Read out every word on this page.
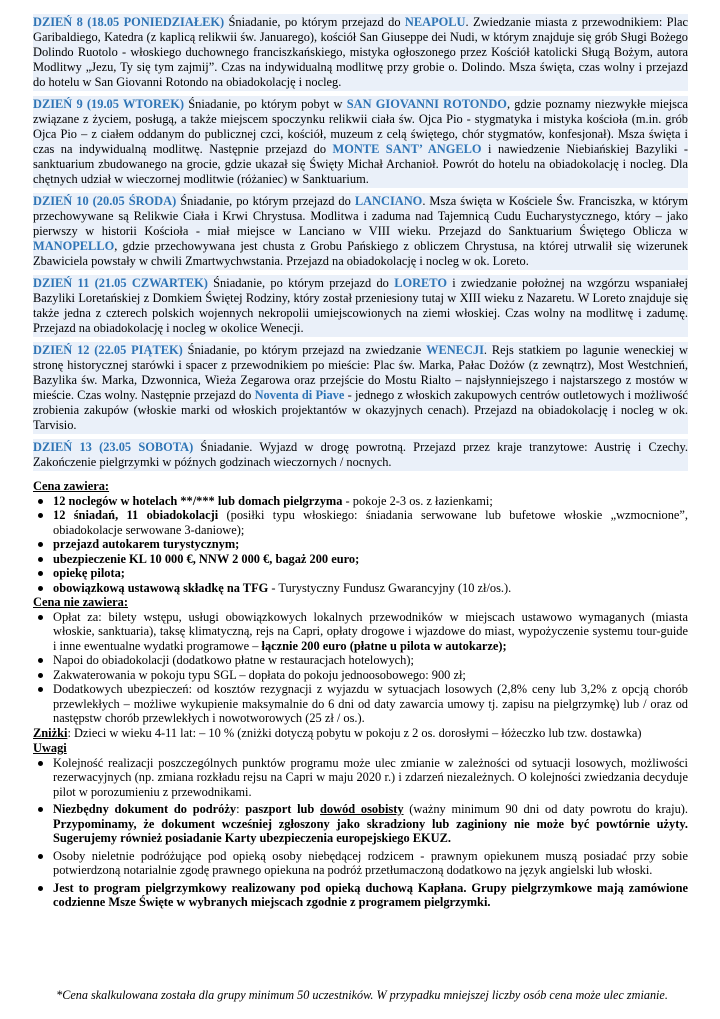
DZIEŃ 8 (18.05 PONIEDZIAŁEK) Śniadanie, po którym przejazd do NEAPOLU. Zwiedzanie miasta z przewodnikiem: Plac Garibaldiego, Katedra (z kaplicą relikwii św. Januarego), kościół San Giuseppe dei Nudi, w którym znajduje się grób Sługi Bożego Dolindo Ruotolo - włoskiego duchownego franciszkańskiego, mistyka ogłoszonego przez Kościół katolicki Sługą Bożym, autora Modlitwy „Jezu, Ty się tym zajmij”. Czas na indywidualną modlitwę przy grobie o. Dolindo. Msza święta, czas wolny i przejazd do hotelu w San Giovanni Rotondo na obiadokolację i nocleg.

DZIEŃ 9 (19.05 WTOREK) Śniadanie, po którym pobyt w SAN GIOVANNI ROTONDO, gdzie poznamy niezwykłe miejsca związane z życiem, posługą, a także miejscem spoczynku relikwii ciała św. Ojca Pio - stygmatyka i mistyka kościoła (m.in. grób Ojca Pio – z ciałem oddanym do publicznej czci, kościół, muzeum z celą świętego, chór stygmatów, konfesjonał). Msza święta i czas na indywidualną modlitwę. Następnie przejazd do MONTE SANT’ ANGELO i nawiedzenie Niebiańskiej Bazyliki - sanktuarium zbudowanego na grocie, gdzie ukazał się Święty Michał Archanioł. Powrót do hotelu na obiadokolację i nocleg. Dla chętnych udział w wieczornej modlitwie (różaniec) w Sanktuarium.

DZIEŃ 10 (20.05 ŚRODA) Śniadanie, po którym przejazd do LANCIANO. Msza święta w Kościele Św. Franciszka, w którym przechowywane są Relikwie Ciała i Krwi Chrystusa. Modlitwa i zaduma nad Tajemnicą Cudu Eucharystycznego, który – jako pierwszy w historii Kościoła - miał miejsce w Lanciano w VIII wieku. Przejazd do Sanktuarium Świętego Oblicza w MANOPELLO, gdzie przechowywana jest chusta z Grobu Pańskiego z obliczem Chrystusa, na której utrwalił się wizerunek Zbawiciela powstały w chwili Zmartwychwstania. Przejazd na obiadokolację i nocleg w ok. Loreto.

DZIEŃ 11 (21.05 CZWARTEK) Śniadanie, po którym przejazd do LORETO i zwiedzanie położnej na wzgórzu wspaniałej Bazyliki Loretańskiej z Domkiem Świętej Rodziny, który został przeniesiony tutaj w XIII wieku z Nazaretu. W Loreto znajduje się także jedna z czterech polskich wojennych nekropolii umiejscowionych na ziemi włoskiej. Czas wolny na modlitwę i zadumę. Przejazd na obiadokolację i nocleg w okolice Wenecji.

DZIEŃ 12 (22.05 PIĄTEK) Śniadanie, po którym przejazd na zwiedzanie WENECJI. Rejs statkiem po lagunie weneckiej w stronę historycznej starówki i spacer z przewodnikiem po mieście: Plac św. Marka, Pałac Dożów (z zewnątrz), Most Westchnień, Bazylika św. Marka, Dzwonnica, Wieża Zegarowa oraz przejście do Mostu Rialto – najsłynniejszego i najstarszego z mostów w mieście. Czas wolny. Następnie przejazd do Noventa di Piave - jednego z włoskich zakupowych centrów outletowych i możliwość zrobienia zakupów (włoskie marki od włoskich projektantów w okazyjnych cenach). Przejazd na obiadokolację i nocleg w ok. Tarvisio.

DZIEŃ 13 (23.05 SOBOTA) Śniadanie. Wyjazd w drogę powrotną. Przejazd przez kraje tranzytowe: Austrię i Czechy. Zakończenie pielgrzymki w późnych godzinach wieczornych / nocnych.

Cena zawiera:

12 noclegów w hotelach **/*** lub domach pielgrzyma - pokoje 2-3 os. z łazienkami;
12 śniadań, 11 obiadokolacji (posiłki typu włoskiego: śniadania serwowane lub bufetowe włoskie „wzmocnione”, obiadokolacje serwowane 3-daniowe);
przejazd autokarem turystycznym;
ubezpieczenie KL 10 000 €, NNW 2 000 €, bagaż 200 euro;
opiekę pilota;
obowiązkową ustawową składkę na TFG - Turystyczny Fundusz Gwarancyjny (10 zł/os.).

Cena nie zawiera:

Opłat za: bilety wstępu, usługi obowiązkowych lokalnych przewodników w miejscach ustawowo wymaganych (miasta włoskie, sanktuaria), taksę klimatyczną, rejs na Capri, opłaty drogowe i wjazdowe do miast, wypożyczenie systemu tour-guide i inne ewentualne wydatki programowe – łącznie 200 euro (płatne u pilota w autokarze);
Napoi do obiadokolacji (dodatkowo płatne w restauracjach hotelowych);
Zakwaterowania w pokoju typu SGL – dopłata do pokoju jednoosobowego: 900 zł;
Dodatkowych ubezpieczeń: od kosztów rezygnacji z wyjazdu w sytuacjach losowych (2,8% ceny lub 3,2% z opcją chorób przewlekłych – możliwe wykupienie maksymalnie do 6 dni od daty zawarcia umowy tj. zapisu na pielgrzymkę) lub / oraz od następstw chorób przewlekłych i nowotworowych (25 zł / os.).

Zniżki: Dzieci w wieku 4-11 lat: – 10 % (zniżki dotyczą pobytu w pokoju z 2 os. dorosłymi – łóżeczko lub tzw. dostawka)

Uwagi

Kolejność realizacji poszczególnych punktów programu może ulec zmianie w zależności od sytuacji losowych, możliwości rezerwacyjnych (np. zmiana rozkładu rejsu na Capri w maju 2020 r.) i zdarzeń niezależnych. O kolejności zwiedzania decyduje pilot w porozumieniu z przewodnikami.
Niezbędny dokument do podróży: paszport lub dowód osobisty (ważny minimum 90 dni od daty powrotu do kraju). Przypominamy, że dokument wcześniej zgłoszony jako skradziony lub zaginiony nie może być powtórnie użyty. Sugerujemy również posiadanie Karty ubezpieczenia europejskiego EKUZ.
Osoby nieletnie podróżujące pod opieką osoby niebędącej rodzicem - prawnym opiekunem muszą posiadać przy sobie potwierdzoną notarialnie zgodę prawnego opiekuna na podróż przetłumaczoną dodatkowo na język angielski lub włoski.
Jest to program pielgrzymkowy realizowany pod opieką duchową Kapłana. Grupy pielgrzymkowe mają zamówione codzienne Msze Święte w wybranych miejscach zgodnie z programem pielgrzymki.

*Cena skalkulowana została dla grupy minimum 50 uczestników. W przypadku mniejszej liczby osób cena może ulec zmianie.
